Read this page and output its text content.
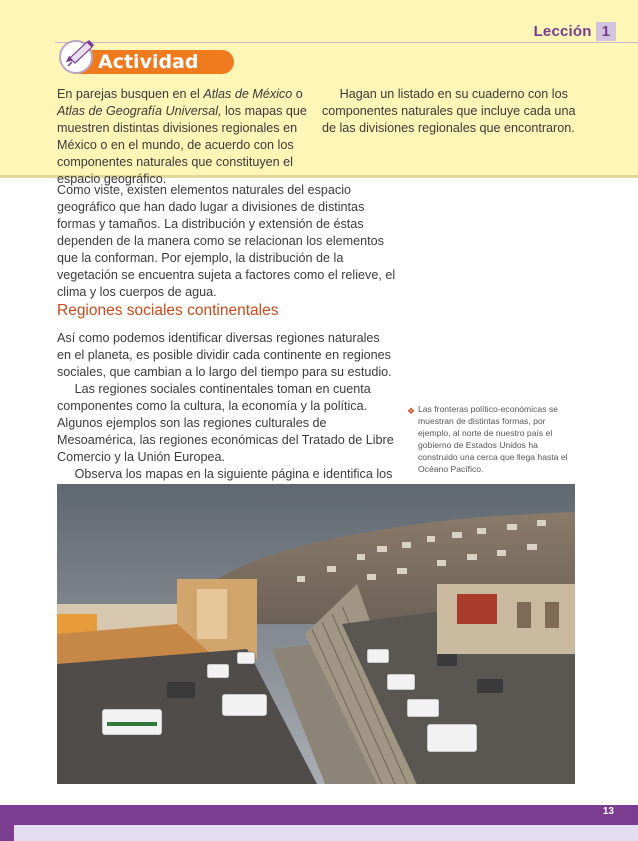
Lección 1
Actividad

En parejas busquen en el Atlas de México o Atlas de Geografía Universal, los mapas que muestren distintas divisiones regionales en México o en el mundo, de acuerdo con los componentes naturales que constituyen el espacio geográfico.

Hagan un listado en su cuaderno con los componentes naturales que incluye cada una de las divisiones regionales que encontraron.

Como viste, existen elementos naturales del espacio geográfico que han dado lugar a divisiones de distintas formas y tamaños. La distribución y extensión de éstas dependen de la manera como se relacionan los elementos que la conforman. Por ejemplo, la distribución de la vegetación se encuentra sujeta a factores como el relieve, el clima y los cuerpos de agua.

Regiones sociales continentales

Así como podemos identificar diversas regiones naturales en el planeta, es posible dividir cada continente en regiones sociales, que cambian a lo largo del tiempo para su estudio.

Las regiones sociales continentales toman en cuenta componentes como la cultura, la economía y la política. Algunos ejemplos son las regiones culturales de Mesoamérica, las regiones económicas del Tratado de Libre Comercio y la Unión Europea.

Observa los mapas en la siguiente página e identifica los

❖ Las fronteras político-económicas se muestran de distintas formas, por ejemplo, al norte de nuestro país el gobierno de Estados Unidos ha construido una cerca que llega hasta el Océano Pacífico.
13
